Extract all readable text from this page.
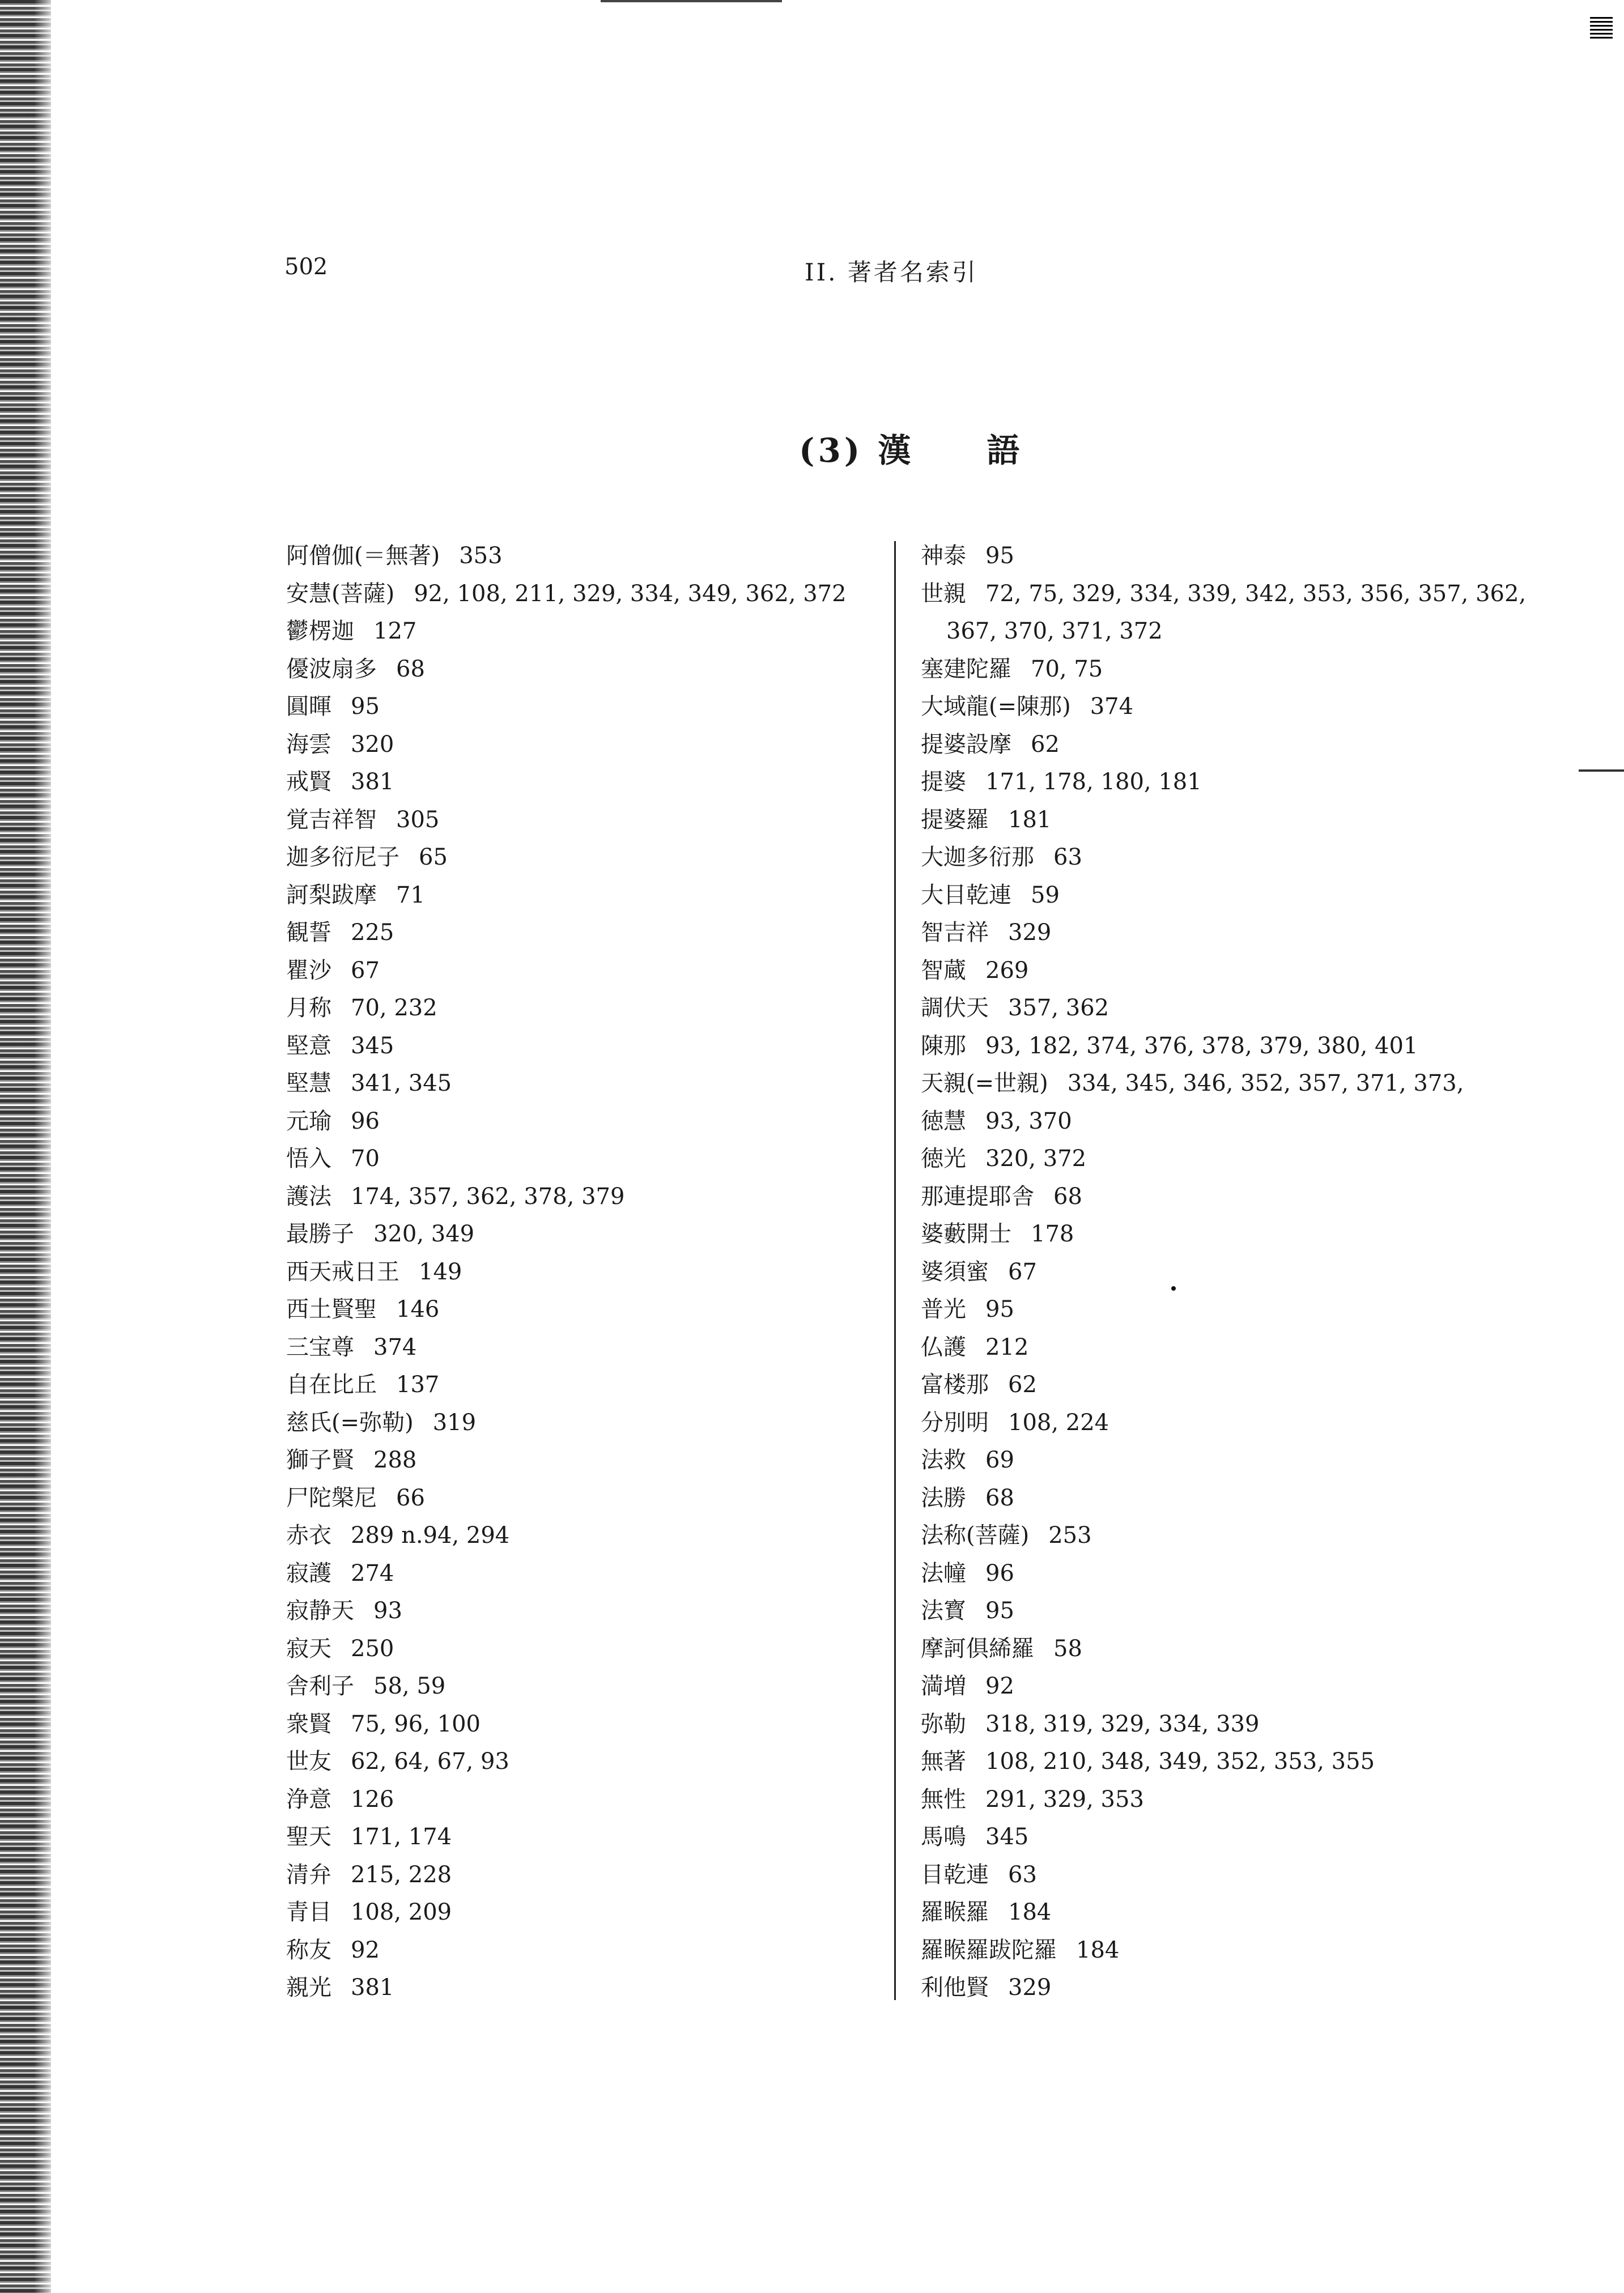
502	II. 著者名索引
(3) 漢　　語
阿僧伽(＝無著) 353
安慧(菩薩) 92, 108, 211, 329, 334, 349, 362, 372
鬱楞迦 127
優波扇多 68
圓暉 95
海雲 320
戒賢 381
覚吉祥智 305
迦多衍尼子 65
訶梨跋摩 71
観誓 225
瞿沙 67
月称 70, 232
堅意 345
堅慧 341, 345
元瑜 96
悟入 70
護法 174, 357, 362, 378, 379
最勝子 320, 349
西天戒日王 149
西土賢聖 146
三宝尊 374
自在比丘 137
慈氏(=弥勒) 319
獅子賢 288
尸陀槃尼 66
赤衣 289 n.94, 294
寂護 274
寂静天 93
寂天 250
舎利子 58, 59
衆賢 75, 96, 100
世友 62, 64, 67, 93
浄意 126
聖天 171, 174
清弁 215, 228
青目 108, 209
称友 92
親光 381
神泰 95
世親 72, 75, 329, 334, 339, 342, 353, 356, 357, 362,
367, 370, 371, 372
塞建陀羅 70, 75
大域龍(=陳那) 374
提婆設摩 62
提婆 171, 178, 180, 181
提婆羅 181
大迦多衍那 63
大目乾連 59
智吉祥 329
智蔵 269
調伏天 357, 362
陳那 93, 182, 374, 376, 378, 379, 380, 401
天親(=世親) 334, 345, 346, 352, 357, 371, 373,
徳慧 93, 370
徳光 320, 372
那連提耶舎 68
婆藪開士 178
婆須蜜 67
普光 95
仏護 212
富楼那 62
分別明 108, 224
法救 69
法勝 68
法称(菩薩) 253
法幢 96
法寳 95
摩訶俱絺羅 58
満増 92
弥勒 318, 319, 329, 334, 339
無著 108, 210, 348, 349, 352, 353, 355
無性 291, 329, 353
馬鳴 345
目乾連 63
羅睺羅 184
羅睺羅跋陀羅 184
利他賢 329
